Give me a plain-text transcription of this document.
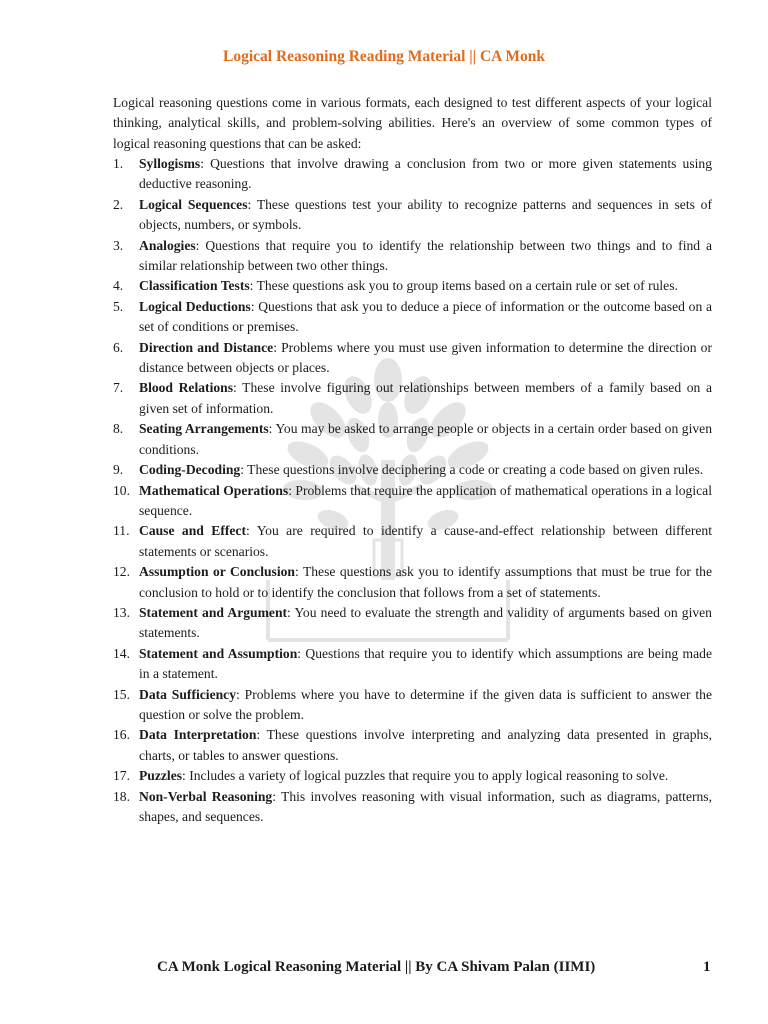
Logical Reasoning Reading Material || CA Monk
Logical reasoning questions come in various formats, each designed to test different aspects of your logical thinking, analytical skills, and problem-solving abilities. Here's an overview of some common types of logical reasoning questions that can be asked:
1. Syllogisms: Questions that involve drawing a conclusion from two or more given statements using deductive reasoning.
2. Logical Sequences: These questions test your ability to recognize patterns and sequences in sets of objects, numbers, or symbols.
3. Analogies: Questions that require you to identify the relationship between two things and to find a similar relationship between two other things.
4. Classification Tests: These questions ask you to group items based on a certain rule or set of rules.
5. Logical Deductions: Questions that ask you to deduce a piece of information or the outcome based on a set of conditions or premises.
6. Direction and Distance: Problems where you must use given information to determine the direction or distance between objects or places.
7. Blood Relations: These involve figuring out relationships between members of a family based on a given set of information.
8. Seating Arrangements: You may be asked to arrange people or objects in a certain order based on given conditions.
9. Coding-Decoding: These questions involve deciphering a code or creating a code based on given rules.
10. Mathematical Operations: Problems that require the application of mathematical operations in a logical sequence.
11. Cause and Effect: You are required to identify a cause-and-effect relationship between different statements or scenarios.
12. Assumption or Conclusion: These questions ask you to identify assumptions that must be true for the conclusion to hold or to identify the conclusion that follows from a set of statements.
13. Statement and Argument: You need to evaluate the strength and validity of arguments based on given statements.
14. Statement and Assumption: Questions that require you to identify which assumptions are being made in a statement.
15. Data Sufficiency: Problems where you have to determine if the given data is sufficient to answer the question or solve the problem.
16. Data Interpretation: These questions involve interpreting and analyzing data presented in graphs, charts, or tables to answer questions.
17. Puzzles: Includes a variety of logical puzzles that require you to apply logical reasoning to solve.
18. Non-Verbal Reasoning: This involves reasoning with visual information, such as diagrams, patterns, shapes, and sequences.
CA Monk Logical Reasoning Material || By CA Shivam Palan (IIMI)	1
